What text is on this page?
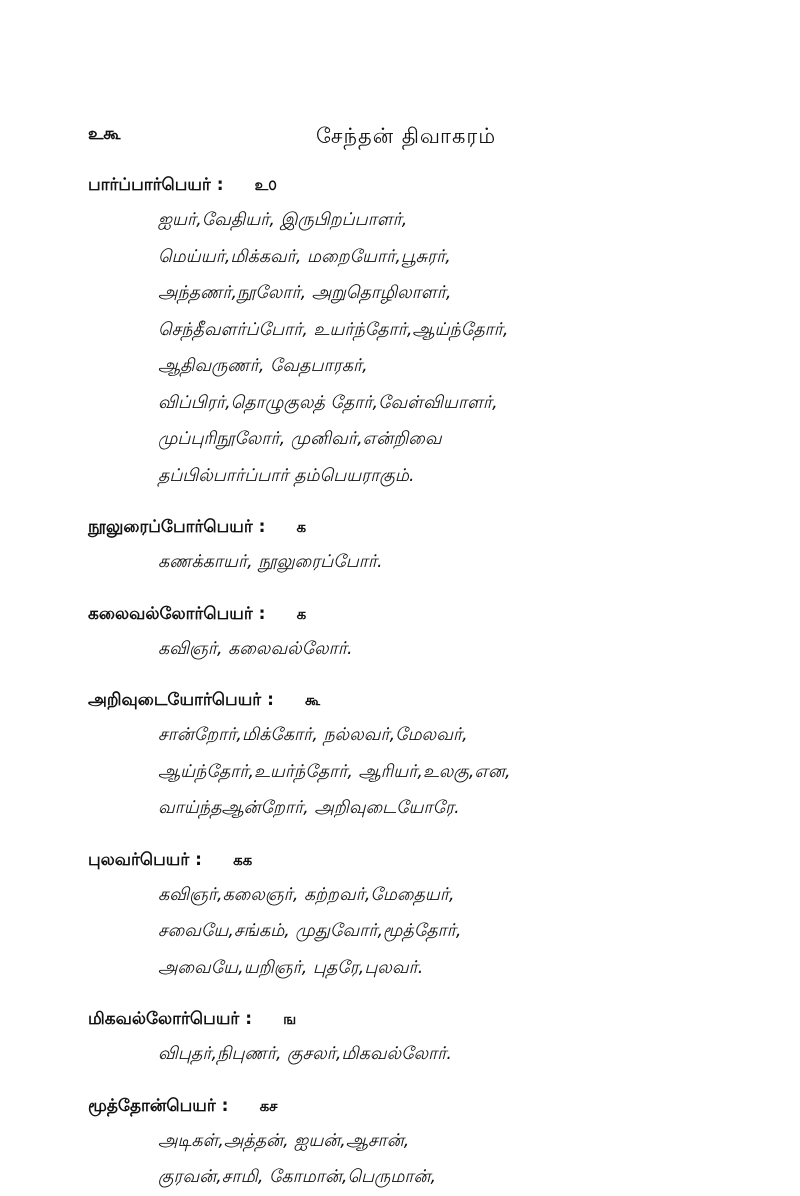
உகூ	சேந்தன் திவாகரம்
பார்ப்பார்பெயர் : உ௦
ஐயர்,வேதியர், இருபிறப்பாளர்,
மெய்யர்,மிக்கவர், மறையோர்,பூசுரர்,
அந்தணர்,நூலோர், அறுதொழிலாளர்,
செந்தீவளர்ப்போர், உயர்ந்தோர்,ஆய்ந்தோர்,
ஆதிவருணர், வேதபாரகர்,
விப்பிரர்,தொழுகுலத் தோர்,வேள்வியாளர்,
முப்புரிநூலோர், முனிவர்,என்றிவை
தப்பில்பார்ப்பார் தம்பெயராகும்.
நூலுரைப்போர்பெயர் : க
கணக்காயர், நூலுரைப்போர்.
கலைவல்லோர்பெயர் : க
கவிஞர், கலைவல்லோர்.
அறிவுடையோர்பெயர் : கூ
சான்றோர்,மிக்கோர், நல்லவர்,மேலவர்,
ஆய்ந்தோர்,உயர்ந்தோர், ஆரியர்,உலகு,என,
வாய்ந்தஆன்றோர், அறிவுடையோரே.
புலவர்பெயர் : கக
கவிஞர்,கலைஞர், கற்றவர்,மேதையர்,
சவையே,சங்கம், முதுவோர்,மூத்தோர்,
அவையே,யறிஞர், புதரே,புலவர்.
மிகவல்லோர்பெயர் : ங
விபுதர்,நிபுணர், குசலர்,மிகவல்லோர்.
மூத்தோன்பெயர் : கச
அடிகள்,அத்தன், ஐயன்,ஆசான்,
குரவன்,சாமி, கோமான்,பெருமான்,
